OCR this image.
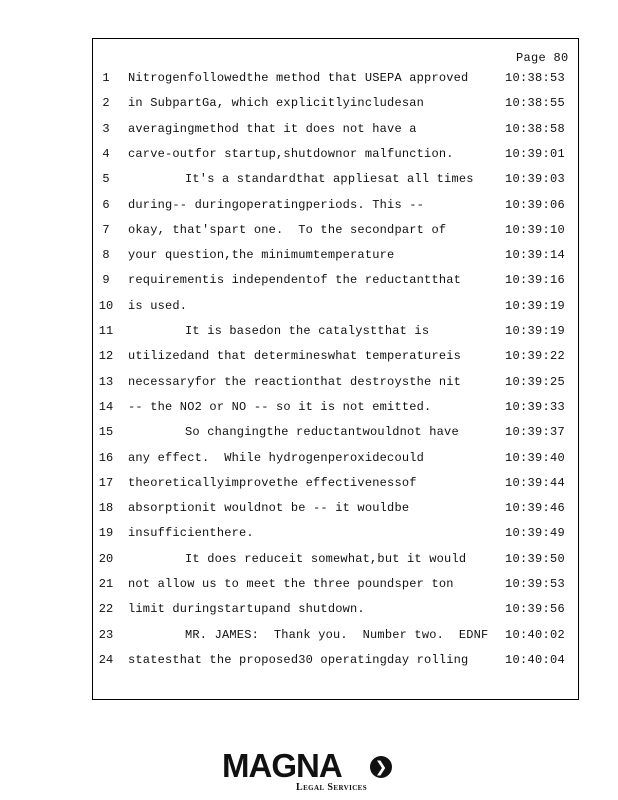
Page 80
1	Nitrogenfollowedthe method that USEPA approved	10:38:53
2	in SubpartGa, which explicitlyincludesan	10:38:55
3	averagingmethod that it does not have a	10:38:58
4	carve-outfor startup,shutdownor malfunction.	10:39:01
5	It's a standardthat appliesat all times	10:39:03
6	during-- duringoperatingperiods. This --	10:39:06
7	okay, that'spart one.  To the secondpart of	10:39:10
8	your question,the minimumtemperature	10:39:14
9	requirementis independentof the reductantthat	10:39:16
10 is used.	10:39:19
11	It is basedon the catalystthat is	10:39:19
12 utilizedand that determineswhat temperatureis	10:39:22
13 necessaryfor the reactionthat destroysthe nit	10:39:25
14 -- the NO2 or NO -- so it is not emitted.	10:39:33
15	So changingthe reductantwouldnot have	10:39:37
16 any effect.  While hydrogenperoxidecould	10:39:40
17 theoreticallyimprovethe effectivenessof	10:39:44
18 absorptionit wouldnot be -- it wouldbe	10:39:46
19 insufficienthere.	10:39:49
20	It does reduceit somewhat,but it would	10:39:50
21 not allow us to meet the three poundsper ton	10:39:53
22 limit duringstartupand shutdown.	10:39:56
23	MR. JAMES:  Thank you.  Number two.  EDNF	10:40:02
24 statesthat the proposed30 operatingday rolling	10:40:04
MAGNA	❯
Legal Services
